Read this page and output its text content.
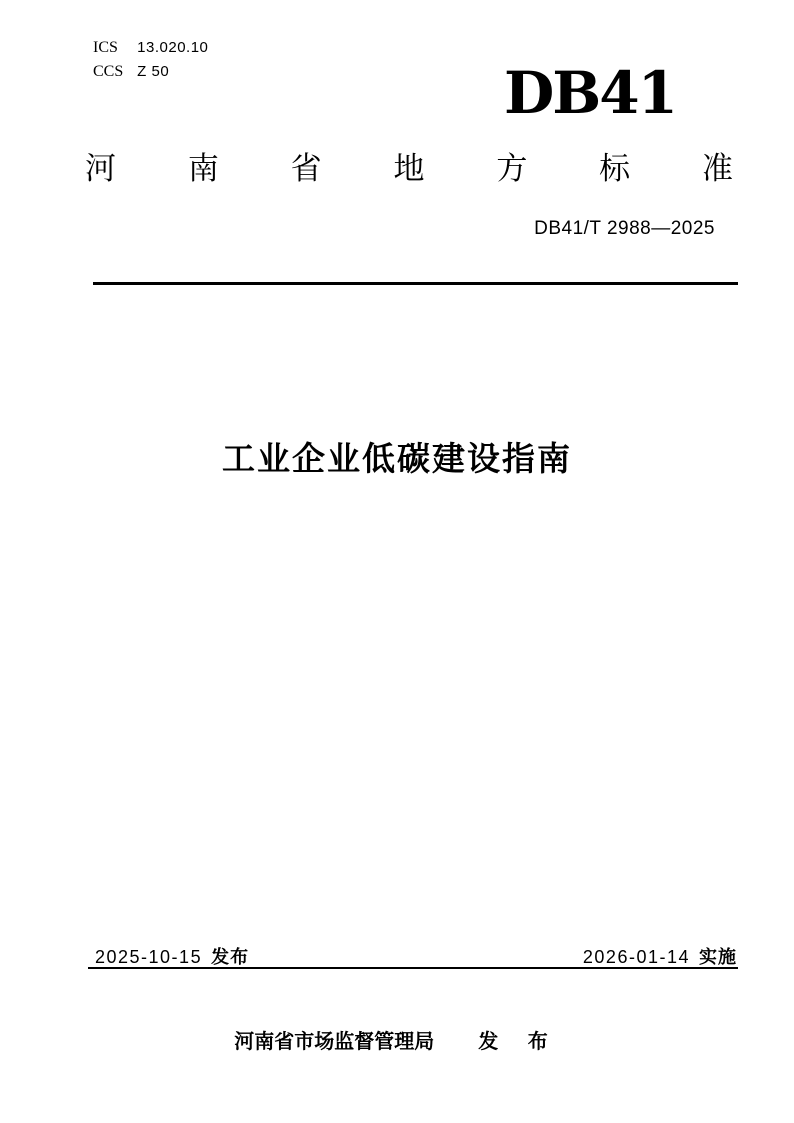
ICS 13.020.10
CCS Z 50	DB41
河南省地方标准
DB41/T 2988—2025
工业企业低碳建设指南
2025-10-15 发布	2026-01-14 实施
河南省市场监督管理局 发 布
